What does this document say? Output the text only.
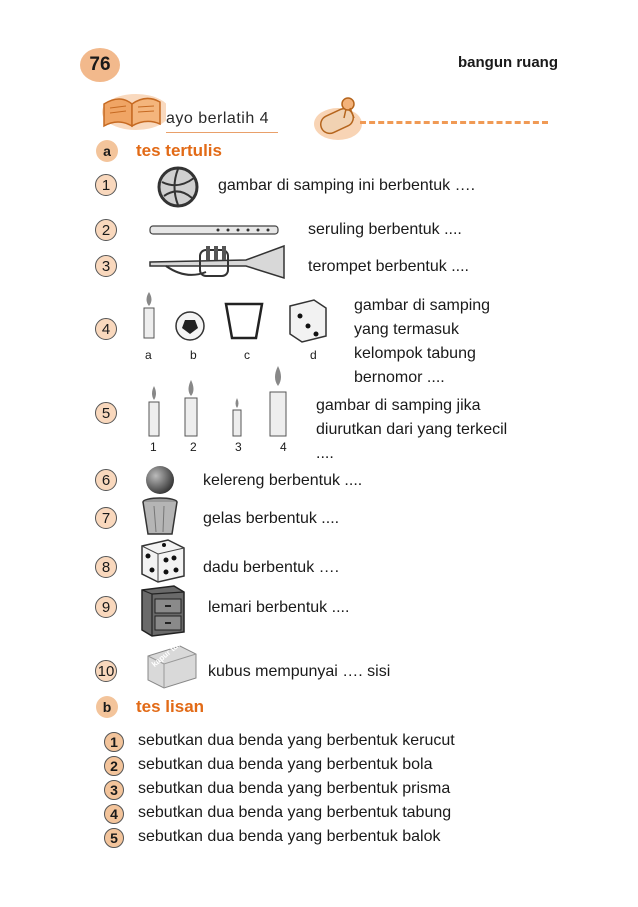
76	bangun ruang
ayo berlatih 4
a	tes tertulis
1	gambar di samping ini berbentuk ….
2	seruling berbentuk ....
3	terompet berbentuk ....
4
a	b	c	d
gambar di samping
yang termasuk
kelompok tabung
bernomor ....
5
1	2	3	4
gambar di samping jika
diurutkan dari yang terkecil
....
6	kelereng berbentuk ....
7	gelas berbentuk ....
8	dadu berbentuk ….
9	lemari berbentuk ....
10
kapur tulis
kubus mempunyai …. sisi
b	tes lisan
1	sebutkan dua benda yang berbentuk kerucut
2	sebutkan dua benda yang berbentuk bola
3	sebutkan dua benda yang berbentuk prisma
4	sebutkan dua benda yang berbentuk tabung
5	sebutkan dua benda yang berbentuk balok
